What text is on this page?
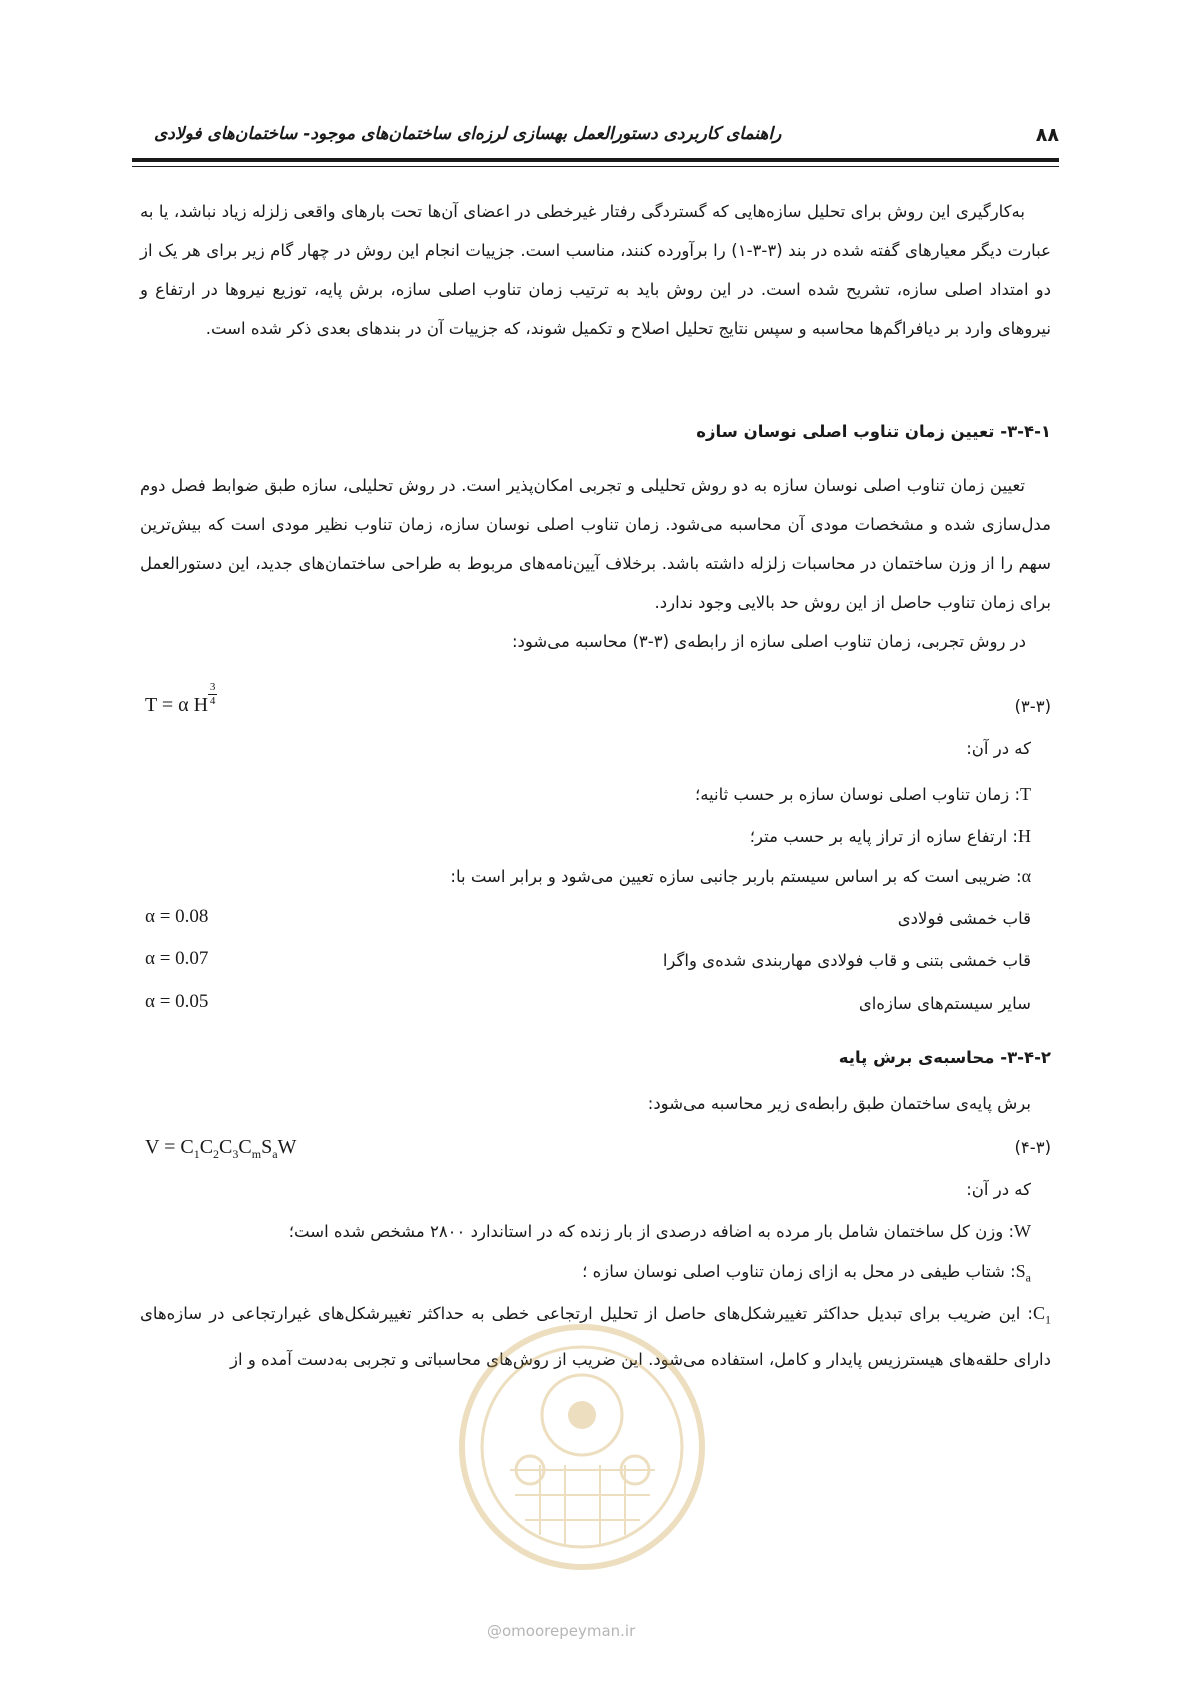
۸۸
راهنمای کاربردی دستورالعمل بهسازی لرزه‌ای ساختمان‌های موجود- ساختمان‌های فولادی

به‌کارگیری این روش برای تحلیل سازه‌هایی که گستردگی رفتار غیرخطی در اعضای آن‌ها تحت بارهای واقعی زلزله زیاد نباشد، یا به عبارت دیگر معیارهای گفته شده در بند (۳-۳-۱) را برآورده کنند، مناسب است. جزییات انجام این روش در چهار گام زیر برای هر یک از دو امتداد اصلی سازه، تشریح شده است. در این روش باید به ترتیب زمان تناوب اصلی سازه، برش پایه، توزیع نیروها در ارتفاع و نیروهای وارد بر دیافراگم‌ها محاسبه و سپس نتایج تحلیل اصلاح و تکمیل شوند، که جزییات آن در بندهای بعدی ذکر شده است.

۳-۴-۱- تعیین زمان تناوب اصلی نوسان سازه

تعیین زمان تناوب اصلی نوسان سازه به دو روش تحلیلی و تجربی امکان‌پذیر است. در روش تحلیلی، سازه طبق ضوابط فصل دوم مدل‌سازی شده و مشخصات مودی آن محاسبه می‌شود. زمان تناوب اصلی نوسان سازه، زمان تناوب نظیر مودی است که بیش‌ترین سهم را از وزن ساختمان در محاسبات زلزله داشته باشد. برخلاف آیین‌نامه‌های مربوط به طراحی ساختمان‌های جدید، این دستورالعمل برای زمان تناوب حاصل از این روش حد بالایی وجود ندارد.

در روش تجربی، زمان تناوب اصلی سازه از رابطه‌ی (۳-۳) محاسبه می‌شود:
T = α H $\frac{3}{4}$	(۳-۳)
که در آن:
T: زمان تناوب اصلی نوسان سازه بر حسب ثانیه؛
H: ارتفاع سازه از تراز پایه بر حسب متر؛
α: ضریبی است که بر اساس سیستم باربر جانبی سازه تعیین می‌شود و برابر است با:
قاب خمشی فولادی
α = 0.08
قاب خمشی بتنی و قاب فولادی مهاربندی شده‌ی واگرا
α = 0.07
سایر سیستم‌های سازه‌ای
α = 0.05
۳-۴-۲- محاسبه‌ی برش پایه
برش پایه‌ی ساختمان طبق رابطه‌ی زیر محاسبه می‌شود:
$V = C_1C_2C_3C_mS_aW$	(۴-۳)
که در آن:
W: وزن کل ساختمان شامل بار مرده به اضافه درصدی از بار زنده که در استاندارد ۲۸۰۰ مشخص شده است؛
$S_a$: شتاب طیفی در محل به ازای زمان تناوب اصلی نوسان سازه ؛

$C_1$: این ضریب برای تبدیل حداکثر تغییرشکل‌های حاصل از تحلیل ارتجاعی خطی به حداکثر تغییرشکل‌های غیرارتجاعی در سازه‌های دارای حلقه‌های هیسترزیس پایدار و کامل، استفاده می‌شود. این ضریب از روش‌های محاسباتی و تجربی به‌دست آمده و از

@omoorepeyman.ir
